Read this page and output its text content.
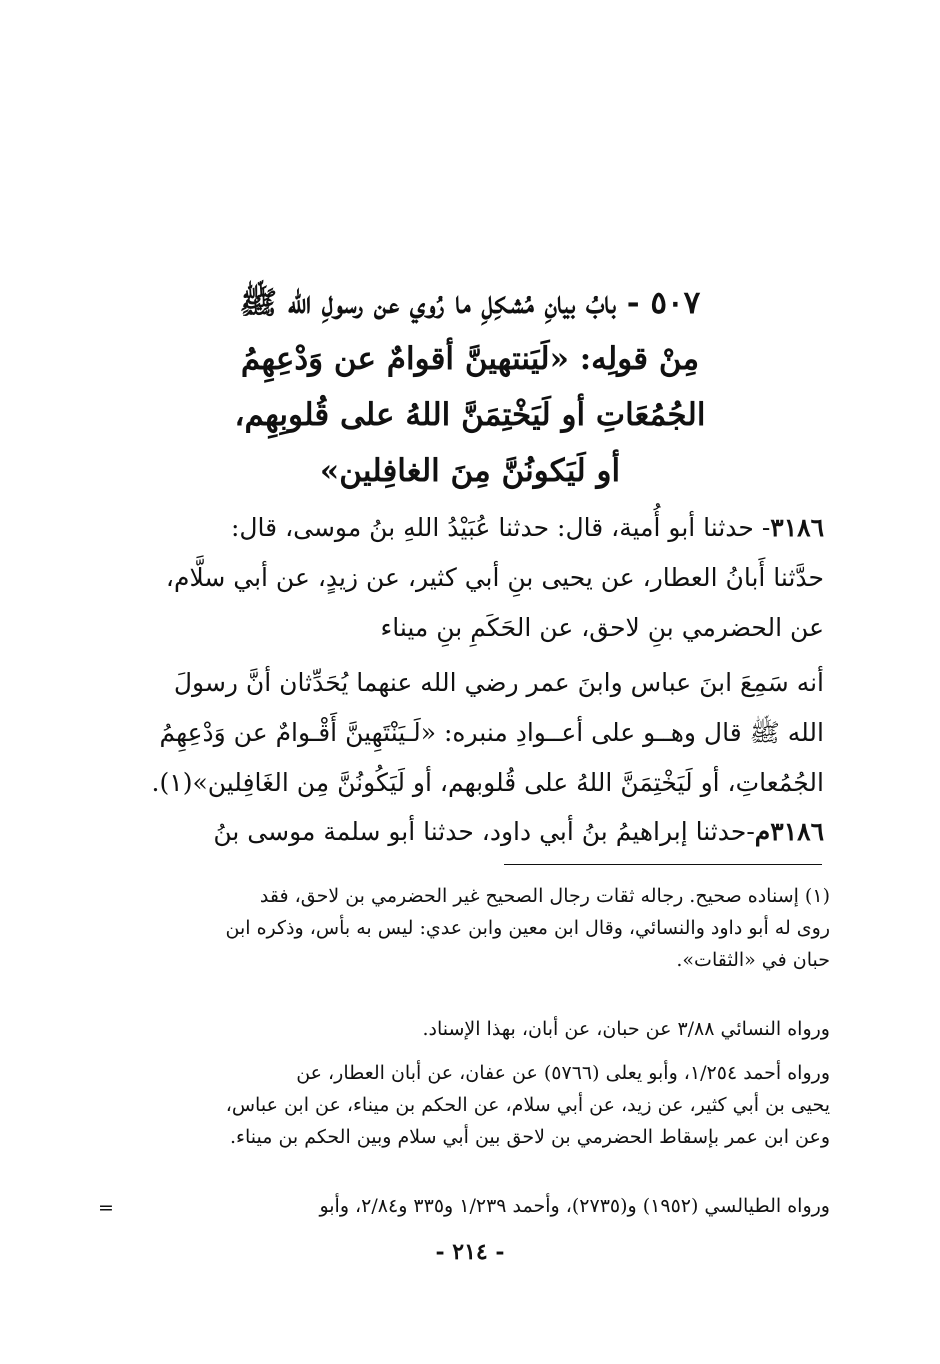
٥٠٧ - بابُ بيانِ مُشكِلِ ما رُوي عن رسولِ الله ﷺ
مِنْ قولِه: «لَيَنتهينَّ أقوامٌ عن وَدْعِهِمُ
الجُمُعَاتِ أو لَيَخْتِمَنَّ اللهُ على قُلوبِهِم،
أو لَيَكونُنَّ مِنَ الغافِلين»
٣١٨٦- حدثنا أبو أُمية، قال: حدثنا عُبَيْدُ اللهِ بنُ موسى، قال:
حدَّثنا أَبانُ العطار، عن يحيى بنِ أبي كثير، عن زيدٍ، عن أبي سلَّام،
عن الحضرمي بنِ لاحق، عن الحَكَمِ بنِ ميناء
أنه سَمِعَ ابنَ عباس وابنَ عمر رضي الله عنهما يُحَدِّثان أنَّ رسولَ
الله ﷺ قال وهــو على أعــوادِ منبره: «لَـيَنْتَهِينَّ أَقْـوامٌ عن وَدْعِهِمُ
الجُمُعاتِ، أو لَيَخْتِمَنَّ اللهُ على قُلوبهم، أو لَيَكُونُنَّ مِن الغَافِلين»(١).
٣١٨٦م-حدثنا إبراهيمُ بنُ أبي داود، حدثنا أبو سلمة موسى بنُ
(١) إسناده صحيح. رجاله ثقات رجال الصحيح غير الحضرمي بن لاحق، فقد
روى له أبو داود والنسائي، وقال ابن معين وابن عدي: ليس به بأس، وذكره ابن
حبان في «الثقات».
ورواه النسائي ٣/٨٨ عن حبان، عن أبان، بهذا الإسناد.
ورواه أحمد ١/٢٥٤، وأبو يعلى (٥٧٦٦) عن عفان، عن أبان العطار، عن
يحيى بن أبي كثير، عن زيد، عن أبي سلام، عن الحكم بن ميناء، عن ابن عباس،
وعن ابن عمر بإسقاط الحضرمي بن لاحق بين أبي سلام وبين الحكم بن ميناء.
ورواه الطيالسي (١٩٥٢) و(٢٧٣٥)، وأحمد ١/٢٣٩ و٣٣٥ و٢/٨٤، وأبو
=
- ٢١٤ -
